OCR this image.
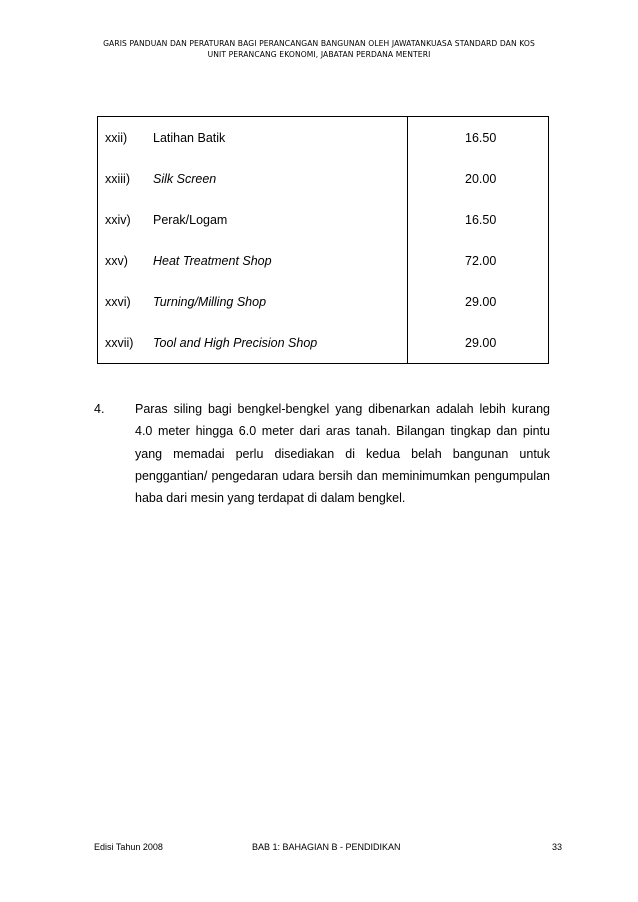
GARIS PANDUAN DAN PERATURAN BAGI PERANCANGAN BANGUNAN OLEH JAWATANKUASA STANDARD DAN KOS
UNIT PERANCANG EKONOMI, JABATAN PERDANA MENTERI
xxii)	Latihan Batik	16.50
xxiii)	Silk Screen	20.00
xxiv)	Perak/Logam	16.50
xxv)	Heat Treatment Shop	72.00
xxvi)	Turning/Milling Shop	29.00
xxvii)	Tool and High Precision Shop	29.00
4. Paras siling bagi bengkel-bengkel yang dibenarkan adalah lebih kurang 4.0 meter hingga 6.0 meter dari aras tanah. Bilangan tingkap dan pintu yang memadai perlu disediakan di kedua belah bangunan untuk penggantian/ pengedaran udara bersih dan meminimumkan pengumpulan haba dari mesin yang terdapat di dalam bengkel.
Edisi Tahun 2008	BAB 1: BAHAGIAN B - PENDIDIKAN	33
